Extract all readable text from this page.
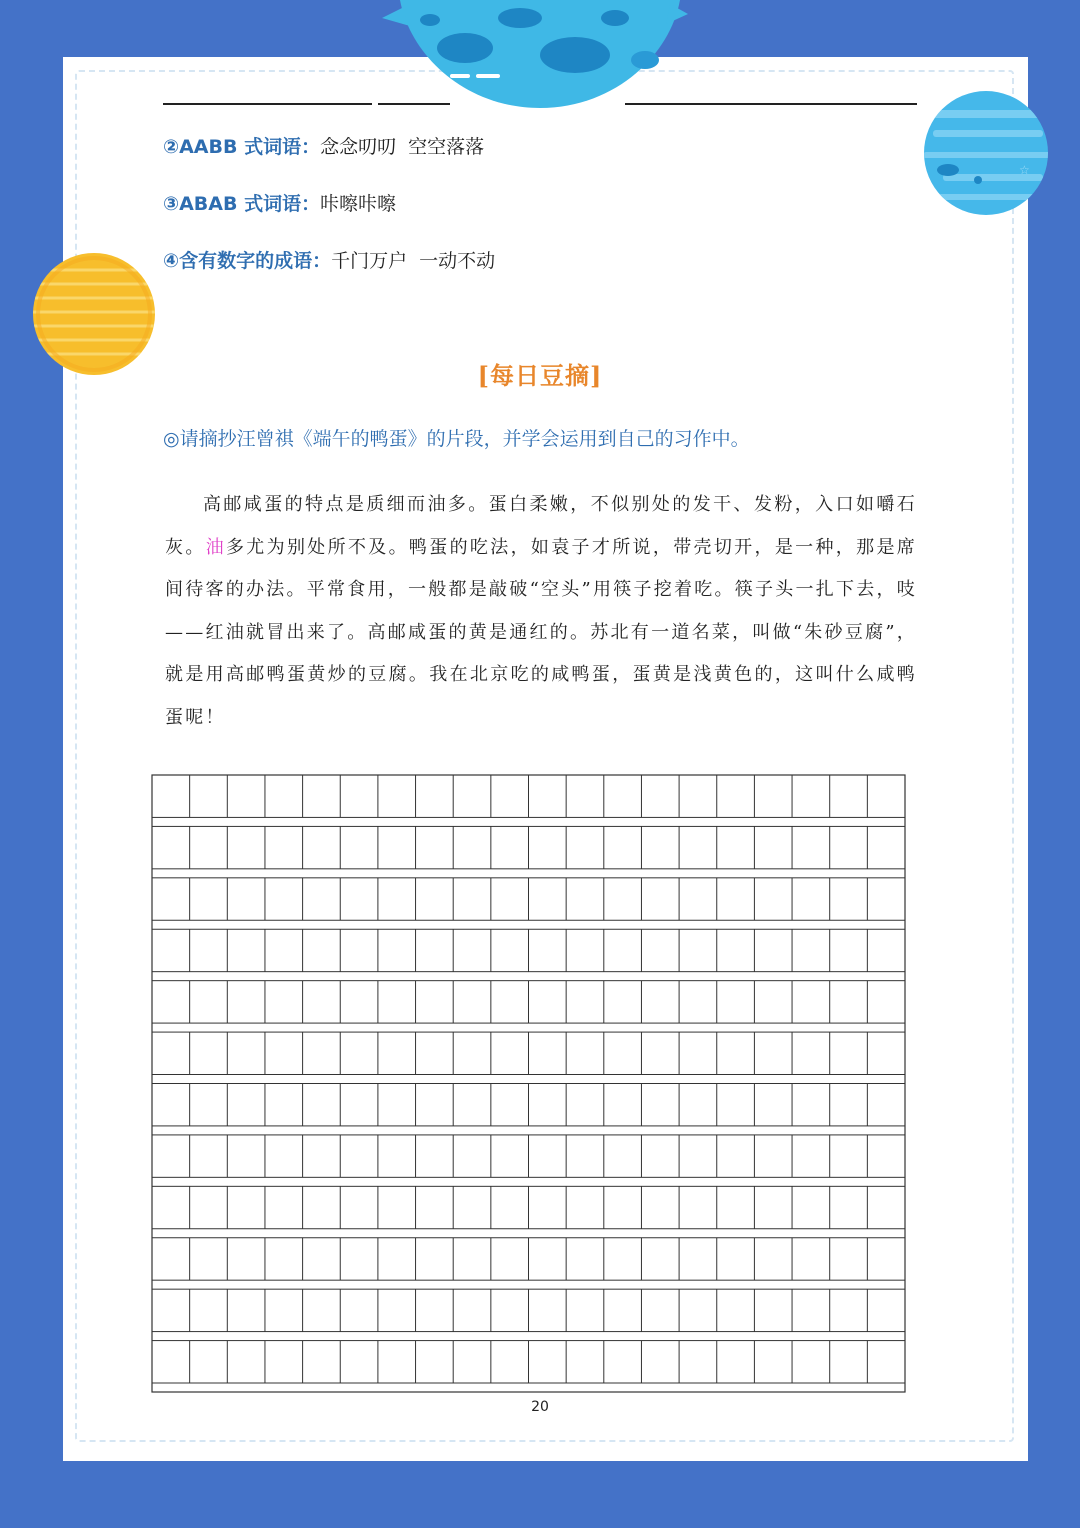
☆
②AABB 式词语：念念叨叨  空空落落
③ABAB 式词语：咔嚓咔嚓
④含有数字的成语：千门万户  一动不动
[每日豆摘]
◎请摘抄汪曾祺《端午的鸭蛋》的片段，并学会运用到自己的习作中。

高邮咸蛋的特点是质细而油多。蛋白柔嫩，不似别处的发干、发粉，入口如嚼石灰。油多尤为别处所不及。鸭蛋的吃法，如袁子才所说，带壳切开，是一种，那是席间待客的办法。平常食用，一般都是敲破“空头”用筷子挖着吃。筷子头一扎下去，吱——红油就冒出来了。高邮咸蛋的黄是通红的。苏北有一道名菜，叫做“朱砂豆腐”，就是用高邮鸭蛋黄炒的豆腐。我在北京吃的咸鸭蛋，蛋黄是浅黄色的，这叫什么咸鸭蛋呢！

20
